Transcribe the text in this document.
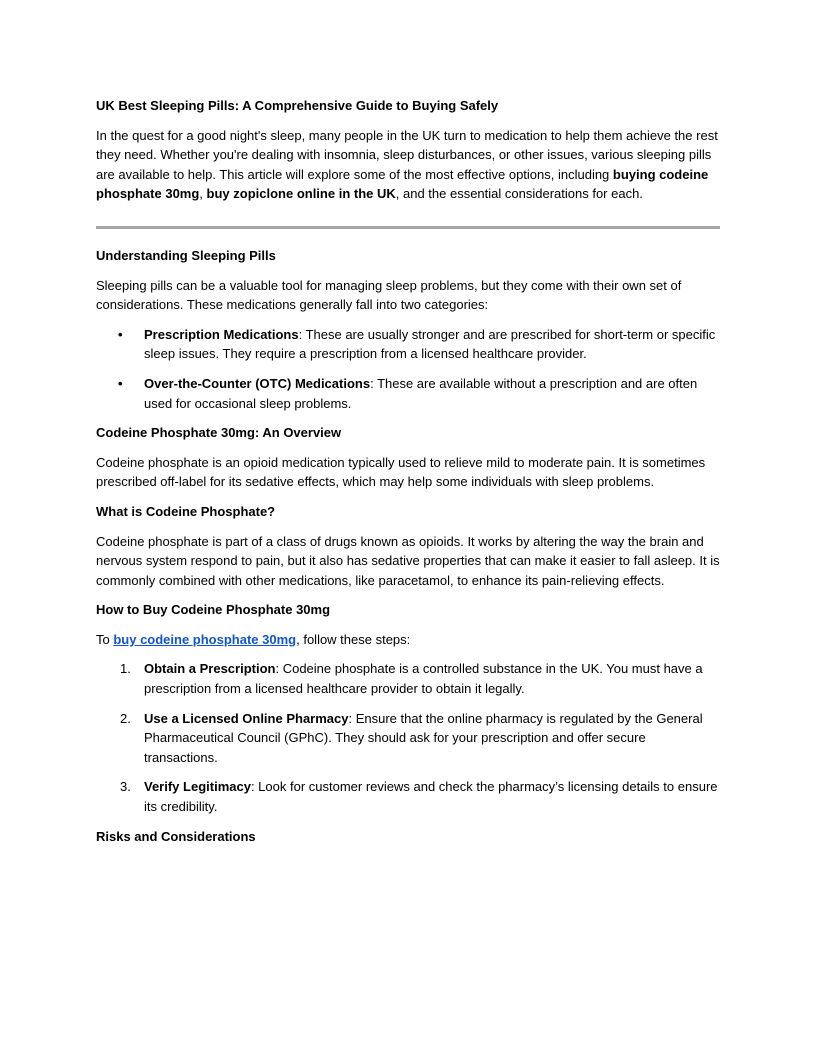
UK Best Sleeping Pills: A Comprehensive Guide to Buying Safely

In the quest for a good night's sleep, many people in the UK turn to medication to help them achieve the rest they need. Whether you're dealing with insomnia, sleep disturbances, or other issues, various sleeping pills are available to help. This article will explore some of the most effective options, including buying codeine phosphate 30mg, buy zopiclone online in the UK, and the essential considerations for each.

Understanding Sleeping Pills

Sleeping pills can be a valuable tool for managing sleep problems, but they come with their own set of considerations. These medications generally fall into two categories:

•	Prescription Medications: These are usually stronger and are prescribed for short-term or specific sleep issues. They require a prescription from a licensed healthcare provider.
•	Over-the-Counter (OTC) Medications: These are available without a prescription and are often used for occasional sleep problems.
Codeine Phosphate 30mg: An Overview

Codeine phosphate is an opioid medication typically used to relieve mild to moderate pain. It is sometimes prescribed off-label for its sedative effects, which may help some individuals with sleep problems.

What is Codeine Phosphate?

Codeine phosphate is part of a class of drugs known as opioids. It works by altering the way the brain and nervous system respond to pain, but it also has sedative properties that can make it easier to fall asleep. It is commonly combined with other medications, like paracetamol, to enhance its pain-relieving effects.

How to Buy Codeine Phosphate 30mg

To buy codeine phosphate 30mg, follow these steps:

1. Obtain a Prescription: Codeine phosphate is a controlled substance in the UK. You must have a prescription from a licensed healthcare provider to obtain it legally.
2. Use a Licensed Online Pharmacy: Ensure that the online pharmacy is regulated by the General Pharmaceutical Council (GPhC). They should ask for your prescription and offer secure transactions.
3. Verify Legitimacy: Look for customer reviews and check the pharmacy’s licensing details to ensure its credibility.
Risks and Considerations
